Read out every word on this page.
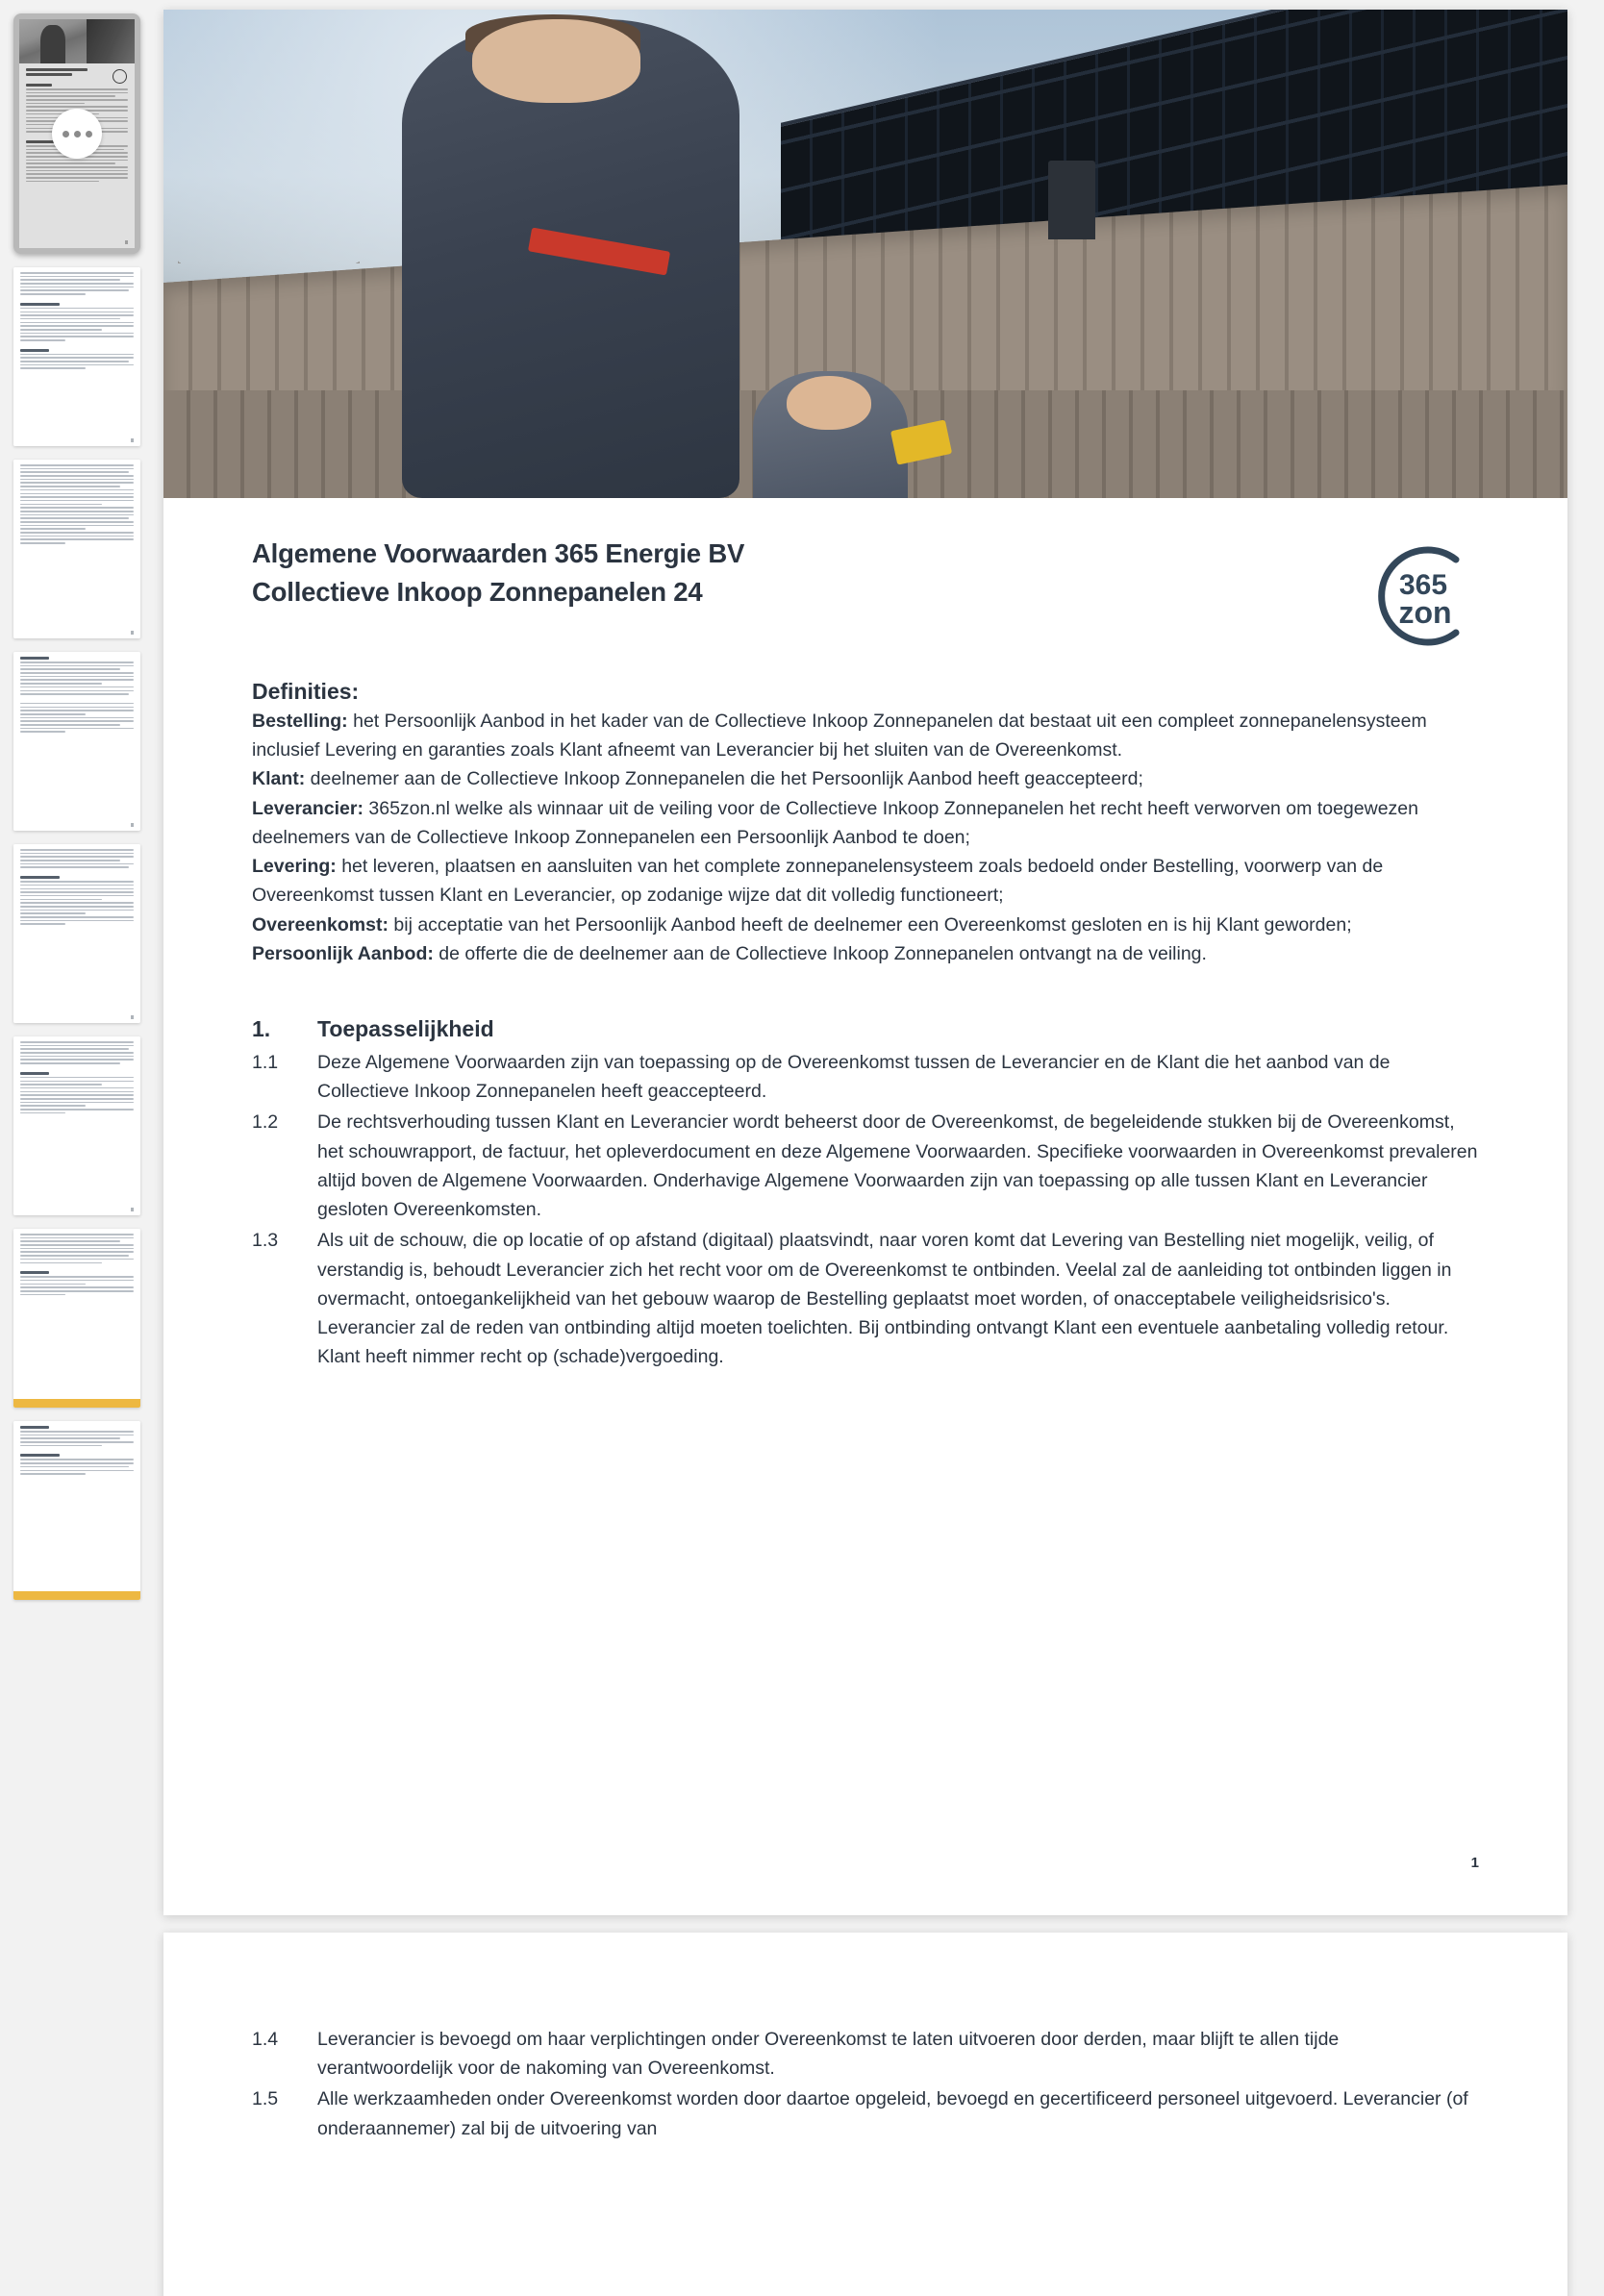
Algemene Voorwaarden 365 Energie BV
Collectieve Inkoop Zonnepanelen 24	365
zon
Definities:

Bestelling: het Persoonlijk Aanbod in het kader van de Collectieve Inkoop Zonnepanelen dat bestaat uit een compleet zonnepanelensysteem inclusief Levering en garanties zoals Klant afneemt van Leverancier bij het sluiten van de Overeenkomst.

Klant: deelnemer aan de Collectieve Inkoop Zonnepanelen die het Persoonlijk Aanbod heeft geaccepteerd;

Leverancier: 365zon.nl welke als winnaar uit de veiling voor de Collectieve Inkoop Zonnepanelen het recht heeft verworven om toegewezen deelnemers van de Collectieve Inkoop Zonnepanelen een Persoonlijk Aanbod te doen;

Levering: het leveren, plaatsen en aansluiten van het complete zonnepanelensysteem zoals bedoeld onder Bestelling, voorwerp van de Overeenkomst tussen Klant en Leverancier, op zodanige wijze dat dit volledig functioneert;

Overeenkomst: bij acceptatie van het Persoonlijk Aanbod heeft de deelnemer een Overeenkomst gesloten en is hij Klant geworden;

Persoonlijk Aanbod: de offerte die de deelnemer aan de Collectieve Inkoop Zonnepanelen ontvangt na de veiling.

1.	Toepasselijkheid
1.1	Deze Algemene Voorwaarden zijn van toepassing op de Overeenkomst tussen de Leverancier en de Klant die het aanbod van de Collectieve Inkoop Zonnepanelen heeft geaccepteerd.
1.2	De rechtsverhouding tussen Klant en Leverancier wordt beheerst door de Overeenkomst, de begeleidende stukken bij de Overeenkomst, het schouwrapport, de factuur, het opleverdocument en deze Algemene Voorwaarden. Specifieke voorwaarden in Overeenkomst prevaleren altijd boven de Algemene Voorwaarden. Onderhavige Algemene Voorwaarden zijn van toepassing op alle tussen Klant en Leverancier gesloten Overeenkomsten.
1.3	Als uit de schouw, die op locatie of op afstand (digitaal) plaatsvindt, naar voren komt dat Levering van Bestelling niet mogelijk, veilig, of verstandig is, behoudt Leverancier zich het recht voor om de Overeenkomst te ontbinden. Veelal zal de aanleiding tot ontbinden liggen in overmacht, ontoegankelijkheid van het gebouw waarop de Bestelling geplaatst moet worden, of onacceptabele veiligheidsrisico's. Leverancier zal de reden van ontbinding altijd moeten toelichten. Bij ontbinding ontvangt Klant een eventuele aanbetaling volledig retour. Klant heeft nimmer recht op (schade)vergoeding.
1
1.4	Leverancier is bevoegd om haar verplichtingen onder Overeenkomst te laten uitvoeren door derden, maar blijft te allen tijde verantwoordelijk voor de nakoming van Overeenkomst.
1.5	Alle werkzaamheden onder Overeenkomst worden door daartoe opgeleid, bevoegd en gecertificeerd personeel uitgevoerd. Leverancier (of onderaannemer) zal bij de uitvoering van
